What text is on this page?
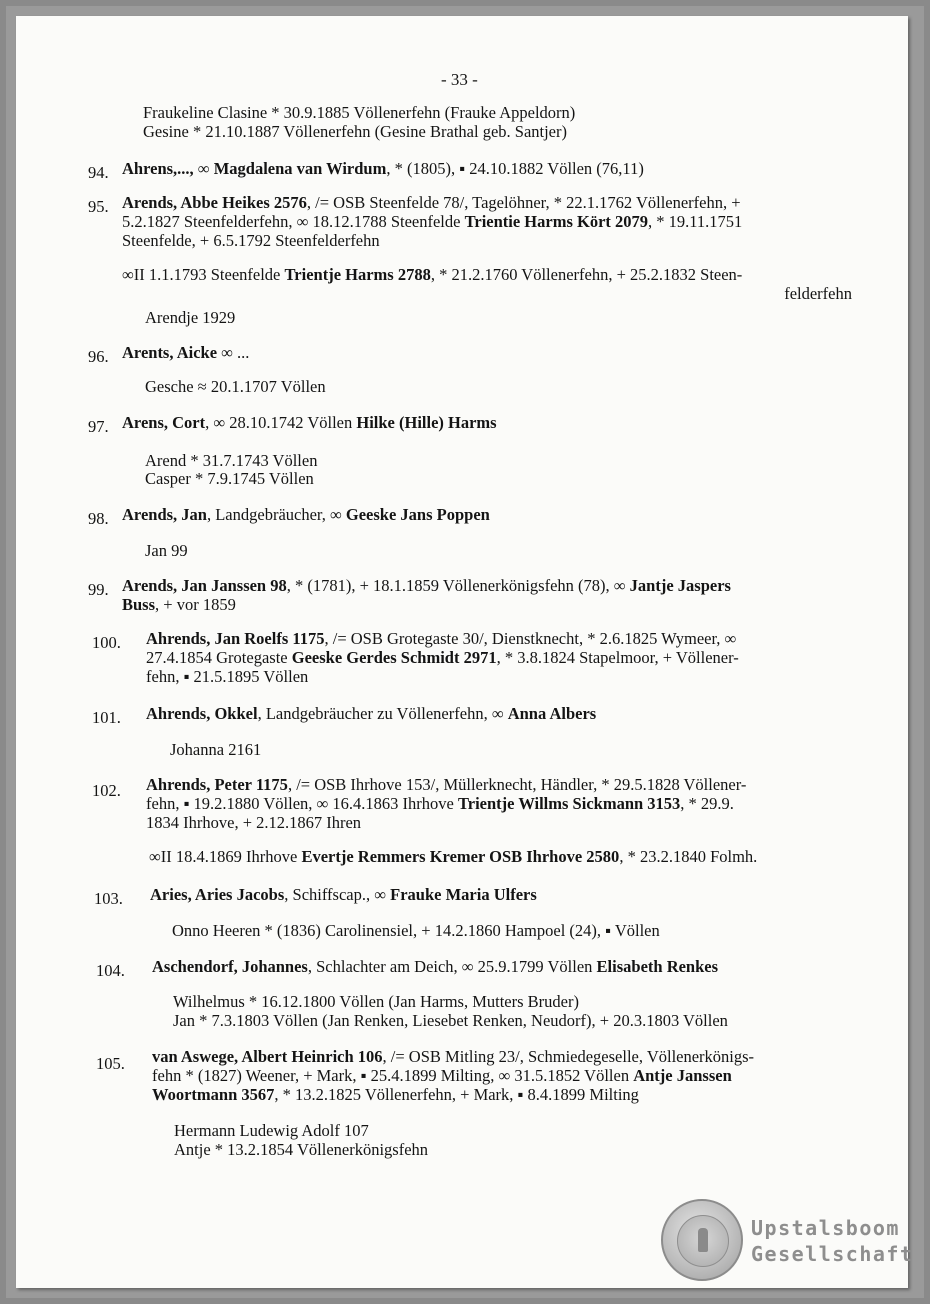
- 33 -
Fraukeline Clasine * 30.9.1885 Völlenerfehn (Frauke Appeldorn)
Gesine * 21.10.1887 Völlenerfehn (Gesine Brathal geb. Santjer)
94. Ahrens,..., ∞ Magdalena van Wirdum, * (1805), ▪ 24.10.1882 Völlen (76,11)
95. Arends, Abbe Heikes 2576, /= OSB Steenfelde 78/, Tagelöhner, * 22.1.1762 Völlenerfehn, +
5.2.1827 Steenfelderfehn, ∞ 18.12.1788 Steenfelde Trientie Harms Kört 2079, * 19.11.1751
Steenfelde, + 6.5.1792 Steenfelderfehn
∞II 1.1.1793 Steenfelde Trientje Harms 2788, * 21.2.1760 Völlenerfehn, + 25.2.1832 Steen-
felderfehn
Arendje 1929
96. Arents, Aicke ∞ ...
Gesche ≈ 20.1.1707 Völlen
97. Arens, Cort, ∞ 28.10.1742 Völlen Hilke (Hille) Harms
Arend * 31.7.1743 Völlen
Casper * 7.9.1745 Völlen
98. Arends, Jan, Landgebräucher, ∞ Geeske Jans Poppen
Jan 99
99. Arends, Jan Janssen 98, * (1781), + 18.1.1859 Völlenerkönigsfehn (78), ∞ Jantje Jaspers
Buss, + vor 1859
100. Ahrends, Jan Roelfs 1175, /= OSB Grotegaste 30/, Dienstknecht, * 2.6.1825 Wymeer, ∞
27.4.1854 Grotegaste Geeske Gerdes Schmidt 2971, * 3.8.1824 Stapelmoor, + Völlener-
fehn, ▪ 21.5.1895 Völlen
101. Ahrends, Okkel, Landgebräucher zu Völlenerfehn, ∞ Anna Albers
Johanna 2161
102. Ahrends, Peter 1175, /= OSB Ihrhove 153/, Müllerknecht, Händler, * 29.5.1828 Völlener-
fehn, ▪ 19.2.1880 Völlen, ∞ 16.4.1863 Ihrhove Trientje Willms Sickmann 3153, * 29.9.
1834 Ihrhove, + 2.12.1867 Ihren
∞II 18.4.1869 Ihrhove Evertje Remmers Kremer OSB Ihrhove 2580, * 23.2.1840 Folmh.
103. Aries, Aries Jacobs, Schiffscap., ∞ Frauke Maria Ulfers
Onno Heeren * (1836) Carolinensiel, + 14.2.1860 Hampoel (24), ▪ Völlen
104. Aschendorf, Johannes, Schlachter am Deich, ∞ 25.9.1799 Völlen Elisabeth Renkes
Wilhelmus * 16.12.1800 Völlen (Jan Harms, Mutters Bruder)
Jan * 7.3.1803 Völlen (Jan Renken, Liesebet Renken, Neudorf), + 20.3.1803 Völlen
105. van Aswege, Albert Heinrich 106, /= OSB Mitling 23/, Schmiedegeselle, Völlenerkönigs-
fehn * (1827) Weener, + Mark, ▪ 25.4.1899 Milting, ∞ 31.5.1852 Völlen Antje Janssen
Woortmann 3567, * 13.2.1825 Völlenerfehn, + Mark, ▪ 8.4.1899 Milting
Hermann Ludewig Adolf 107
Antje * 13.2.1854 Völlenerkönigsfehn
Upstalsboom
Gesellschaft
